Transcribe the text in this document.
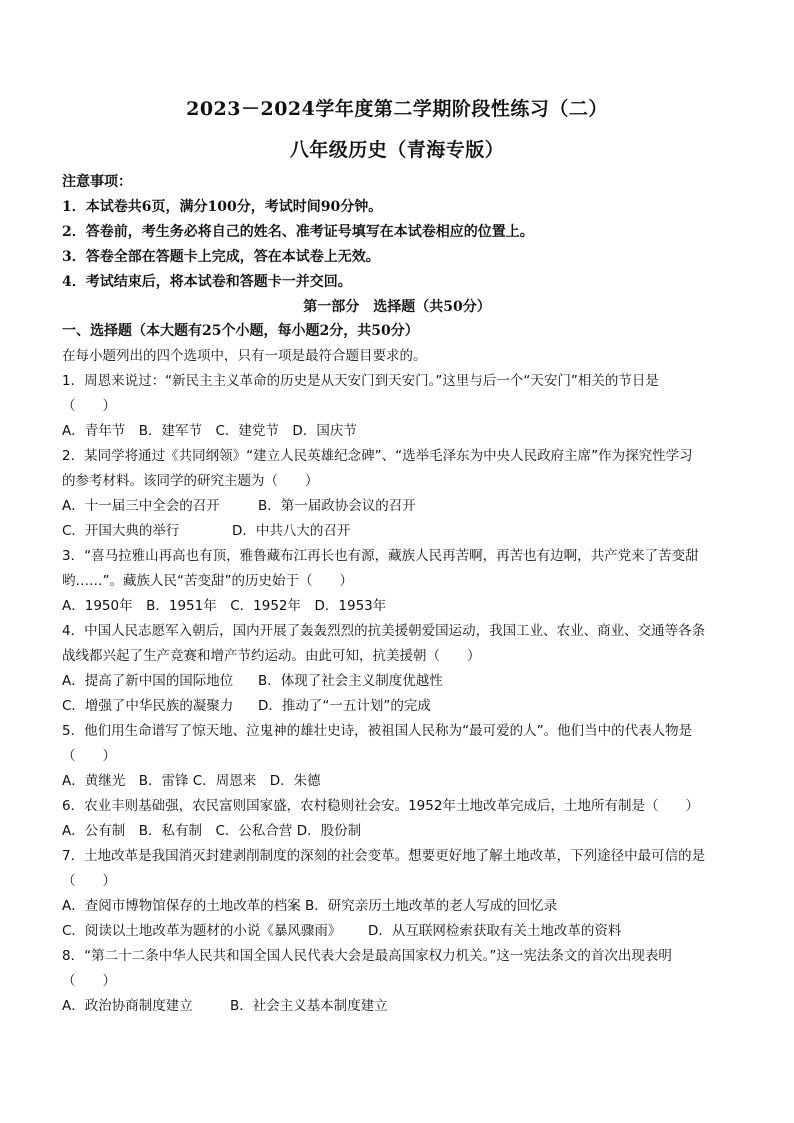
2023－2024学年度第二学期阶段性练习（二）
八年级历史（青海专版）
注意事项：
1．本试卷共6页，满分100分，考试时间90分钟。
2．答卷前，考生务必将自己的姓名、准考证号填写在本试卷相应的位置上。
3．答卷全部在答题卡上完成，答在本试卷上无效。
4．考试结束后，将本试卷和答题卡一并交回。
第一部分　选择题（共50分）
一、选择题（本大题有25个小题，每小题2分，共50分）
在每小题列出的四个选项中，只有一项是最符合题目要求的。
1．周恩来说过：“新民主主义革命的历史是从天安门到天安门。”这里与后一个“天安门”相关的节日是
（　　）
A．青年节　B．建军节　C．建党节　D．国庆节
2．某同学将通过《共同纲领》“建立人民英雄纪念碑”、“选举毛泽东为中央人民政府主席”作为探究性学习
的参考材料。该同学的研究主题为（　　）
A．十一届三中全会的召开	B．第一届政协会议的召开
C．开国大典的举行	D．中共八大的召开
3．“喜马拉雅山再高也有顶，雅鲁藏布江再长也有源，藏族人民再苦啊，再苦也有边啊，共产党来了苦变甜
哟……”。藏族人民“苦变甜”的历史始于（　　）
A．1950年　B．1951年　C．1952年　D．1953年
4．中国人民志愿军入朝后，国内开展了轰轰烈烈的抗美援朝爱国运动，我国工业、农业、商业、交通等各条
战线都兴起了生产竞赛和增产节约运动。由此可知，抗美援朝（　　）
A．提高了新中国的国际地位 B．体现了社会主义制度优越性
C．增强了中华民族的凝聚力 D．推动了“一五计划”的完成
5．他们用生命谱写了惊天地、泣鬼神的雄壮史诗，被祖国人民称为“最可爱的人”。他们当中的代表人物是
（　　）
A．黄继光　B．雷锋 C．周恩来　D．朱德
6．农业丰则基础强，农民富则国家盛，农村稳则社会安。1952年土地改革完成后，土地所有制是（　　）
A．公有制　B．私有制　C．公私合营 D．股份制
7．土地改革是我国消灭封建剥削制度的深刻的社会变革。想要更好地了解土地改革，下列途径中最可信的是
（　　）
A．查阅市博物馆保存的土地改革的档案 B．研究亲历土地改革的老人写成的回忆录
C．阅读以土地改革为题材的小说《暴风骤雨》 D．从互联网检索获取有关土地改革的资料
8．“第二十二条中华人民共和国全国人民代表大会是最高国家权力机关。”这一宪法条文的首次出现表明
（　　）
A．政治协商制度建立	B．社会主义基本制度建立
